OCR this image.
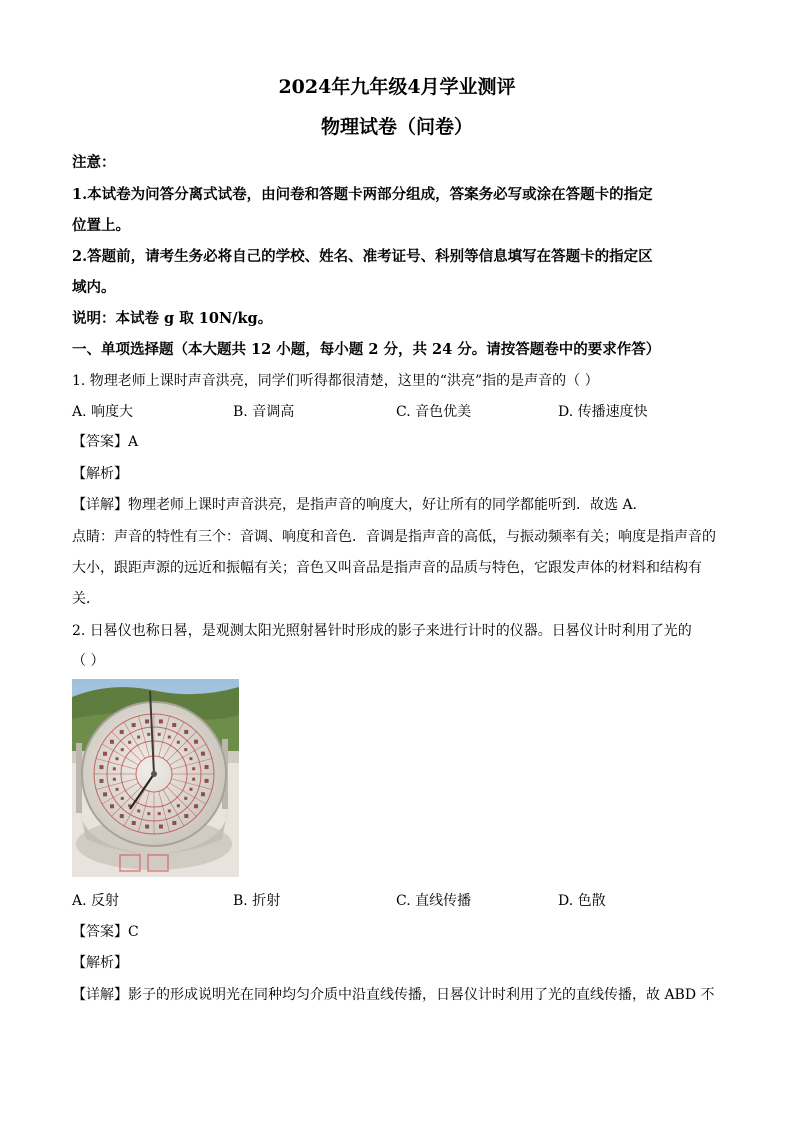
2024年九年级4月学业测评
物理试卷（问卷）
注意：
1.本试卷为问答分离式试卷，由问卷和答题卡两部分组成，答案务必写或涂在答题卡的指定
位置上。
2.答题前，请考生务必将自己的学校、姓名、准考证号、科别等信息填写在答题卡的指定区
域内。
说明：本试卷 g 取 10N/kg。
一、单项选择题（本大题共 12 小题，每小题 2 分，共 24 分。请按答题卷中的要求作答）
1. 物理老师上课时声音洪亮，同学们听得都很清楚，这里的“洪亮”指的是声音的（ ）
A. 响度大	B. 音调高	C. 音色优美	D. 传播速度快
【答案】A
【解析】
【详解】物理老师上课时声音洪亮，是指声音的响度大，好让所有的同学都能听到．故选 A.
点睛：声音的特性有三个：音调、响度和音色．音调是指声音的高低，与振动频率有关；响度是指声音的
大小，跟距声源的远近和振幅有关；音色又叫音品是指声音的品质与特色，它跟发声体的材料和结构有
关．
2. 日晷仪也称日晷，是观测太阳光照射晷针时形成的影子来进行计时的仪器。日晷仪计时利用了光的
（ ）
A. 反射	B. 折射	C. 直线传播	D. 色散
【答案】C
【解析】
【详解】影子的形成说明光在同种均匀介质中沿直线传播，日晷仪计时利用了光的直线传播，故 ABD 不
